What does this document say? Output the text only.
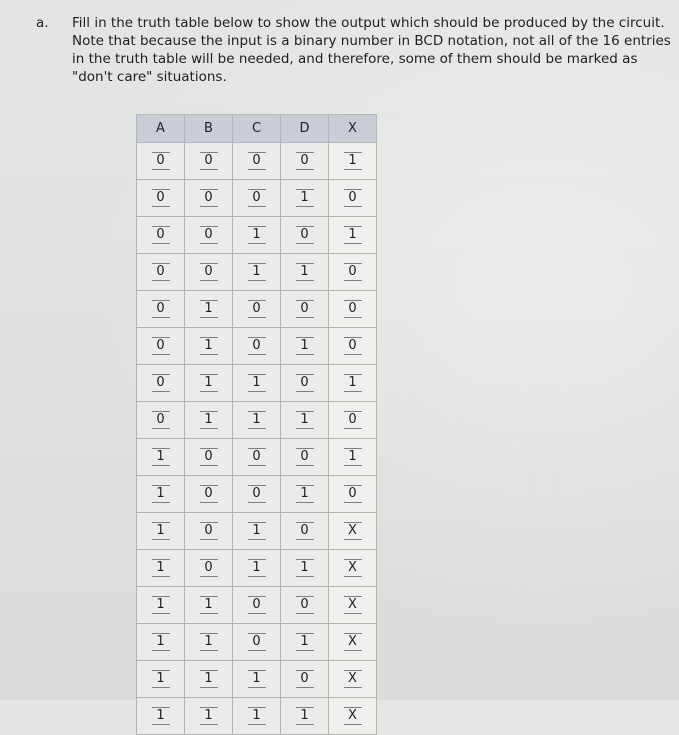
a.	Fill in the truth table below to show the output which should be produced by the circuit.
Note that because the input is a binary number in BCD notation, not all of the 16 entries
in the truth table will be needed, and therefore, some of them should be marked as
"don't care" situations.
A	B	C	D	X
0	0	0	0	1
0	0	0	1	0
0	0	1	0	1
0	0	1	1	0
0	1	0	0	0
0	1	0	1	0
0	1	1	0	1
0	1	1	1	0
1	0	0	0	1
1	0	0	1	0
1	0	1	0	X
1	0	1	1	X
1	1	0	0	X
1	1	0	1	X
1	1	1	0	X
1	1	1	1	X
